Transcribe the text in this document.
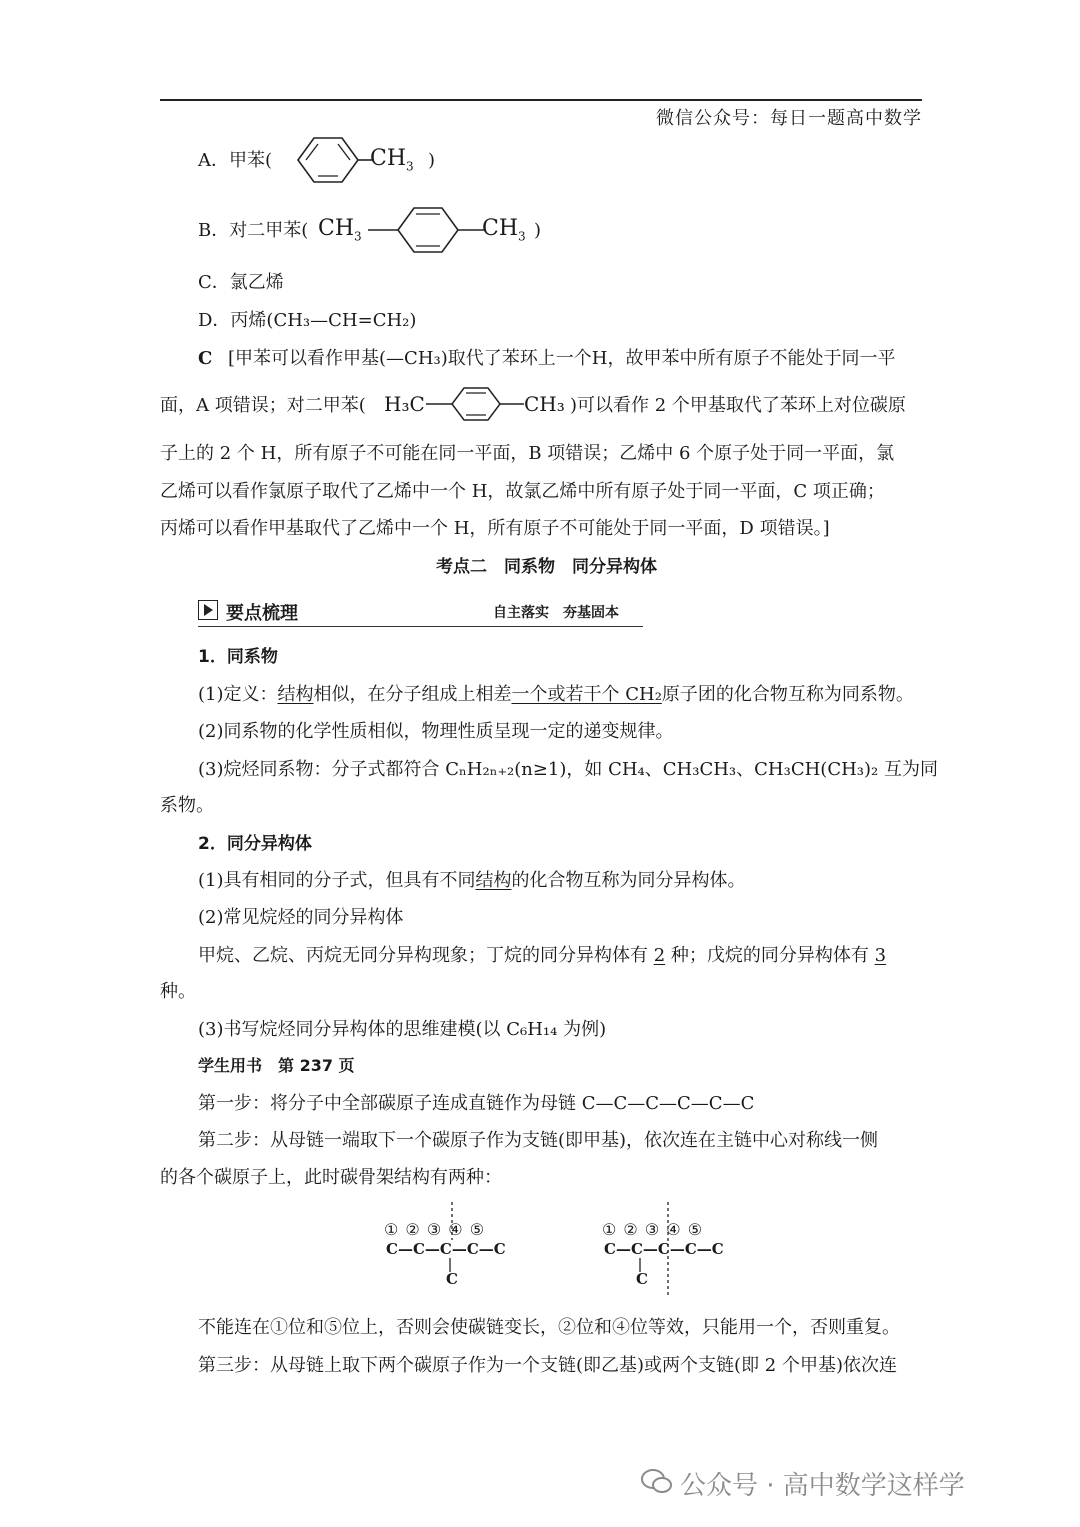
微信公众号：每日一题高中数学
A．甲苯(	$CH_3$ )
B．对二甲苯( $CH_3$	$CH_3$ )
C．氯乙烯
D．丙烯(CH₃—CH=CH₂)
C [甲苯可以看作甲基(—CH₃)取代了苯环上一个H，故甲苯中所有原子不能处于同一平
面，A 项错误；对二甲苯( H₃C	CH₃ )可以看作 2 个甲基取代了苯环上对位碳原
子上的 2 个 H，所有原子不可能在同一平面，B 项错误；乙烯中 6 个原子处于同一平面，氯
乙烯可以看作氯原子取代了乙烯中一个 H，故氯乙烯中所有原子处于同一平面，C 项正确；
丙烯可以看作甲基取代了乙烯中一个 H，所有原子不可能处于同一平面，D 项错误。]
考点二　同系物　同分异构体
要点梳理	自主落实　夯基固本
1．同系物
(1)定义：结构相似，在分子组成上相差一个或若干个 CH₂原子团的化合物互称为同系物。
(2)同系物的化学性质相似，物理性质呈现一定的递变规律。
(3)烷烃同系物：分子式都符合 CₙH₂ₙ₊₂(n≥1)，如 CH₄、CH₃CH₃、CH₃CH(CH₃)₂ 互为同
系物。
2．同分异构体
(1)具有相同的分子式，但具有不同结构的化合物互称为同分异构体。
(2)常见烷烃的同分异构体
甲烷、乙烷、丙烷无同分异构现象；丁烷的同分异构体有 2 种；戊烷的同分异构体有 3
种。
(3)书写烷烃同分异构体的思维建模(以 C₆H₁₄ 为例)
学生用书　第 237 页
第一步：将分子中全部碳原子连成直链作为母链 C—C—C—C—C—C
第二步：从母链一端取下一个碳原子作为支链(即甲基)，依次连在主链中心对称线一侧
的各个碳原子上，此时碳骨架结构有两种：
① ② ③ ④ ⑤
C—C—C—C—C
C
① ② ③ ④ ⑤
C—C—C—C—C
C
不能连在①位和⑤位上，否则会使碳链变长，②位和④位等效，只能用一个，否则重复。
第三步：从母链上取下两个碳原子作为一个支链(即乙基)或两个支链(即 2 个甲基)依次连
公众号 · 高中数学这样学
